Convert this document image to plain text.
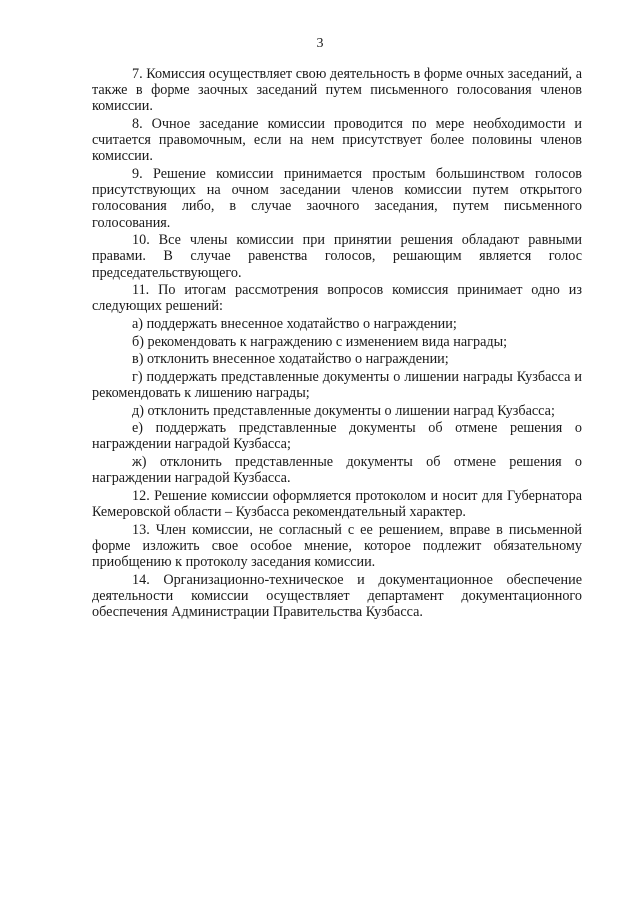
3

7. Комиссия осуществляет свою деятельность в форме очных заседаний, а также в форме заочных заседаний путем письменного голосования членов комиссии.

8. Очное заседание комиссии проводится по мере необходимости и считается правомочным, если на нем присутствует более половины членов комиссии.

9. Решение комиссии принимается простым большинством голосов присутствующих на очном заседании членов комиссии путем открытого голосования либо, в случае заочного заседания, путем письменного голосования.

10. Все члены комиссии при принятии решения обладают равными правами. В случае равенства голосов, решающим является голос председательствующего.

11. По итогам рассмотрения вопросов комиссия принимает одно из следующих решений:

а) поддержать внесенное ходатайство о награждении;

б) рекомендовать к награждению с изменением вида награды;

в) отклонить внесенное ходатайство о награждении;

г) поддержать представленные документы о лишении награды Кузбасса и рекомендовать к лишению награды;

д) отклонить представленные документы о лишении наград Кузбасса;

е) поддержать представленные документы об отмене решения о награждении наградой Кузбасса;

ж) отклонить представленные документы об отмене решения о награждении наградой Кузбасса.

12. Решение комиссии оформляется протоколом и носит для Губернатора Кемеровской области – Кузбасса рекомендательный характер.

13. Член комиссии, не согласный с ее решением, вправе в письменной форме изложить свое особое мнение, которое подлежит обязательному приобщению к протоколу заседания комиссии.

14. Организационно-техническое и документационное обеспечение деятельности комиссии осуществляет департамент документационного обеспечения Администрации Правительства Кузбасса.
